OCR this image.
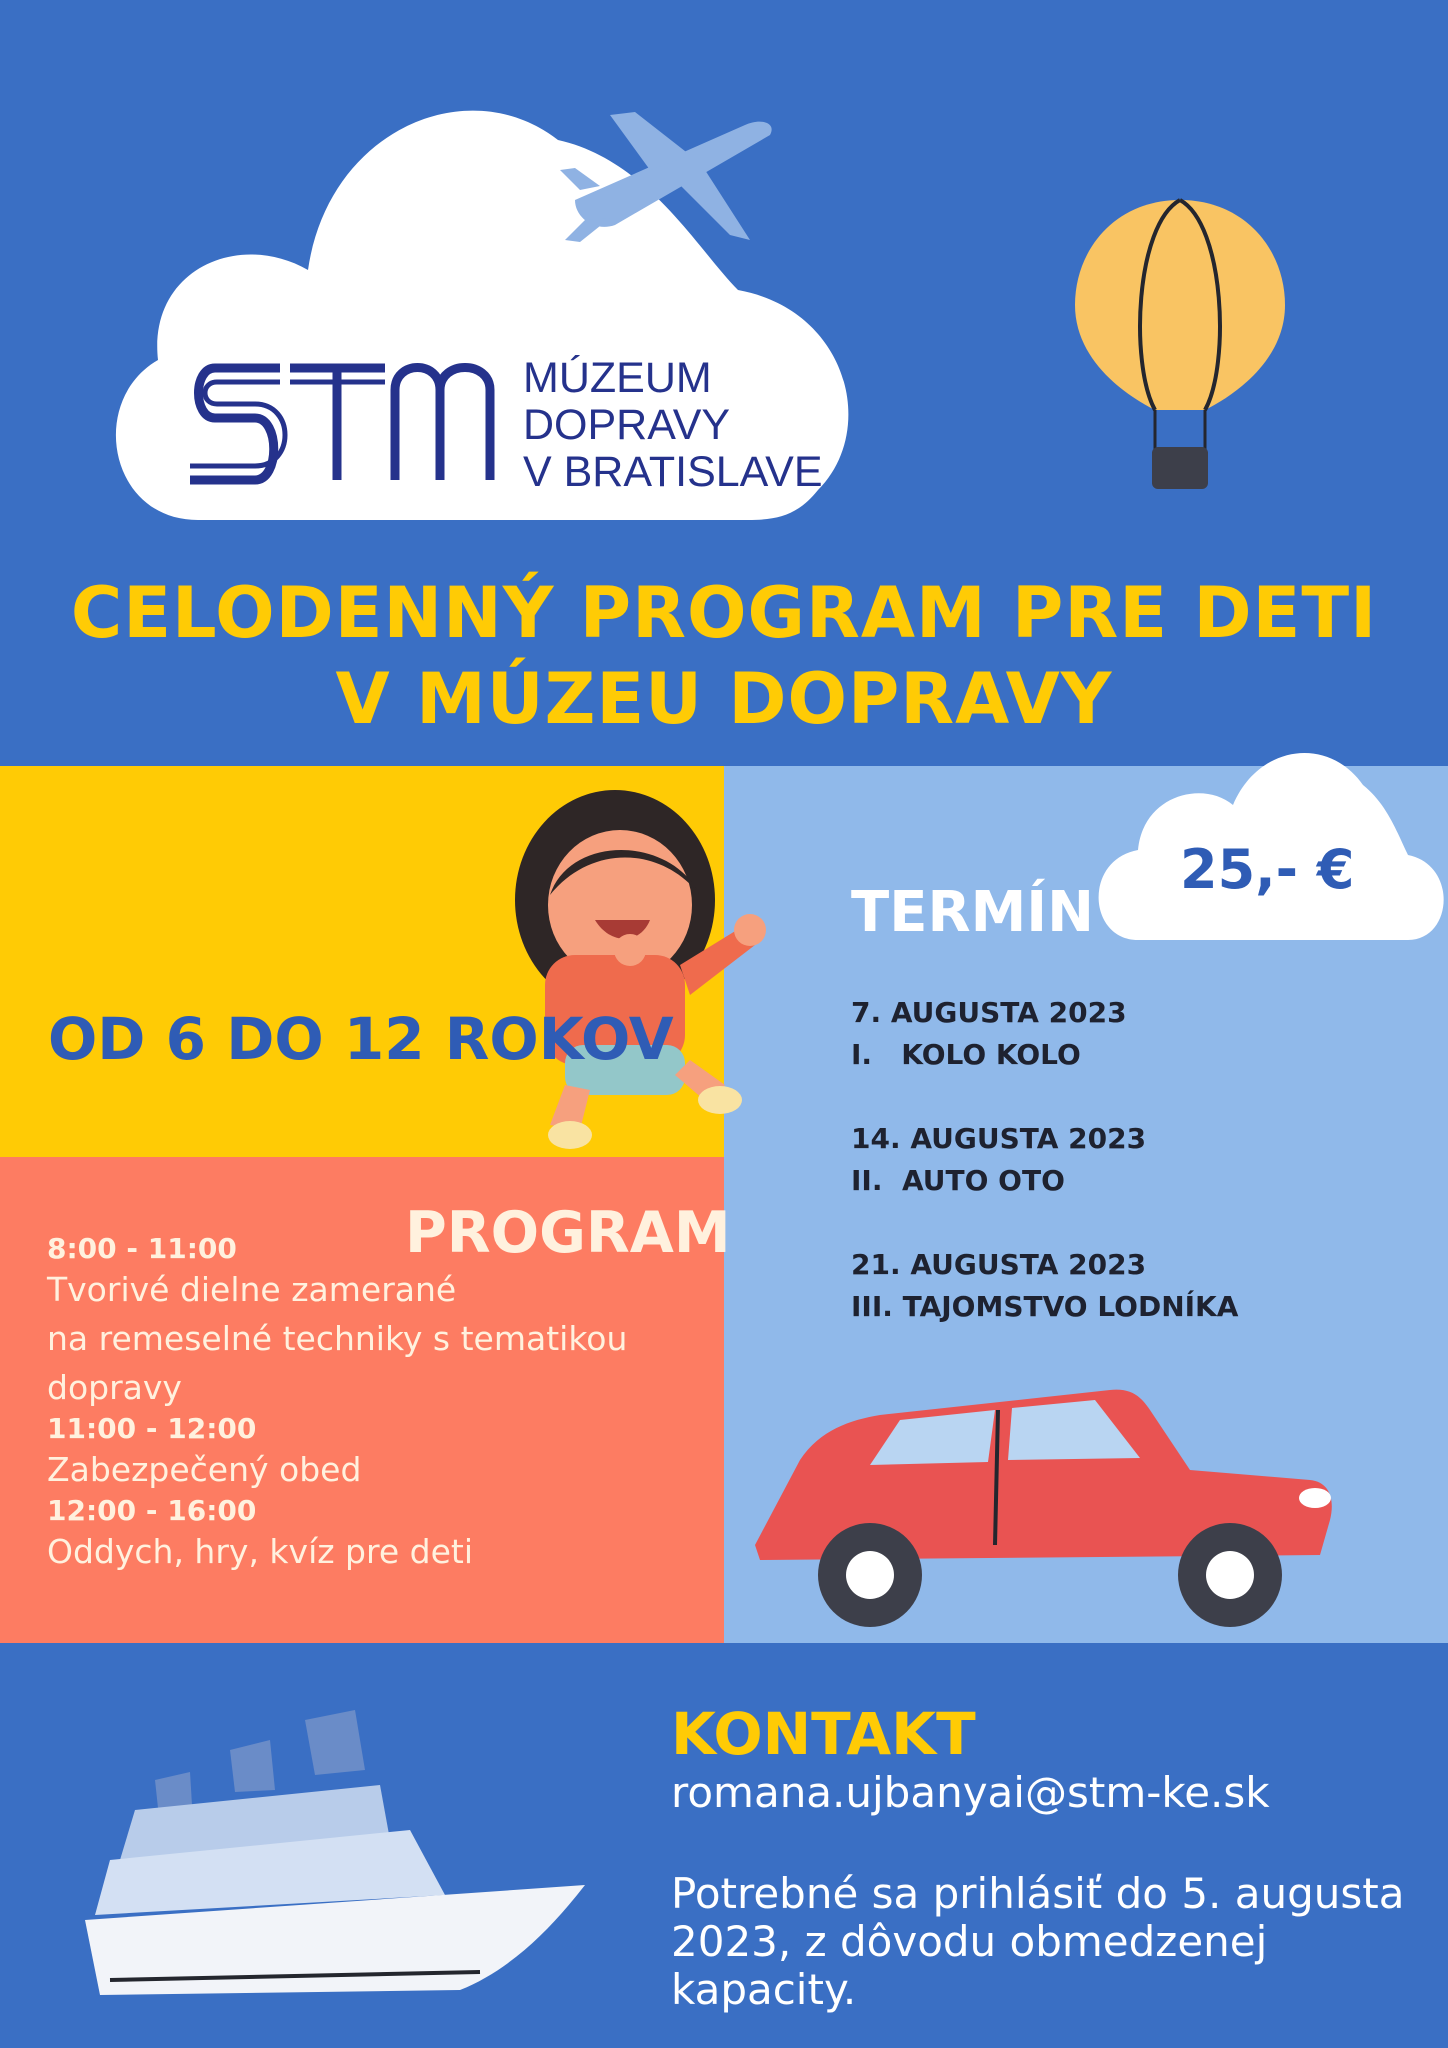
MÚZEUM
DOPRAVY
V BRATISLAVE
CELODENNÝ PROGRAM PRE DETI
V MÚZEU DOPRAVY
25,- €
OD 6 DO 12 ROKOV
TERMÍN
7. AUGUSTA 2023
I.   KOLO KOLO
14. AUGUSTA 2023
II.  AUTO OTO
21. AUGUSTA 2023
III. TAJOMSTVO LODNÍKA
PROGRAM
8:00 - 11:00
Tvorivé dielne zamerané
na remeselné techniky s tematikou
dopravy
11:00 - 12:00
Zabezpečený obed
12:00 - 16:00
Oddych, hry, kvíz pre deti
KONTAKT
romana.ujbanyai@stm-ke.sk
Potrebné sa prihlásiť do 5. augusta 2023, z dôvodu obmedzenej kapacity.
